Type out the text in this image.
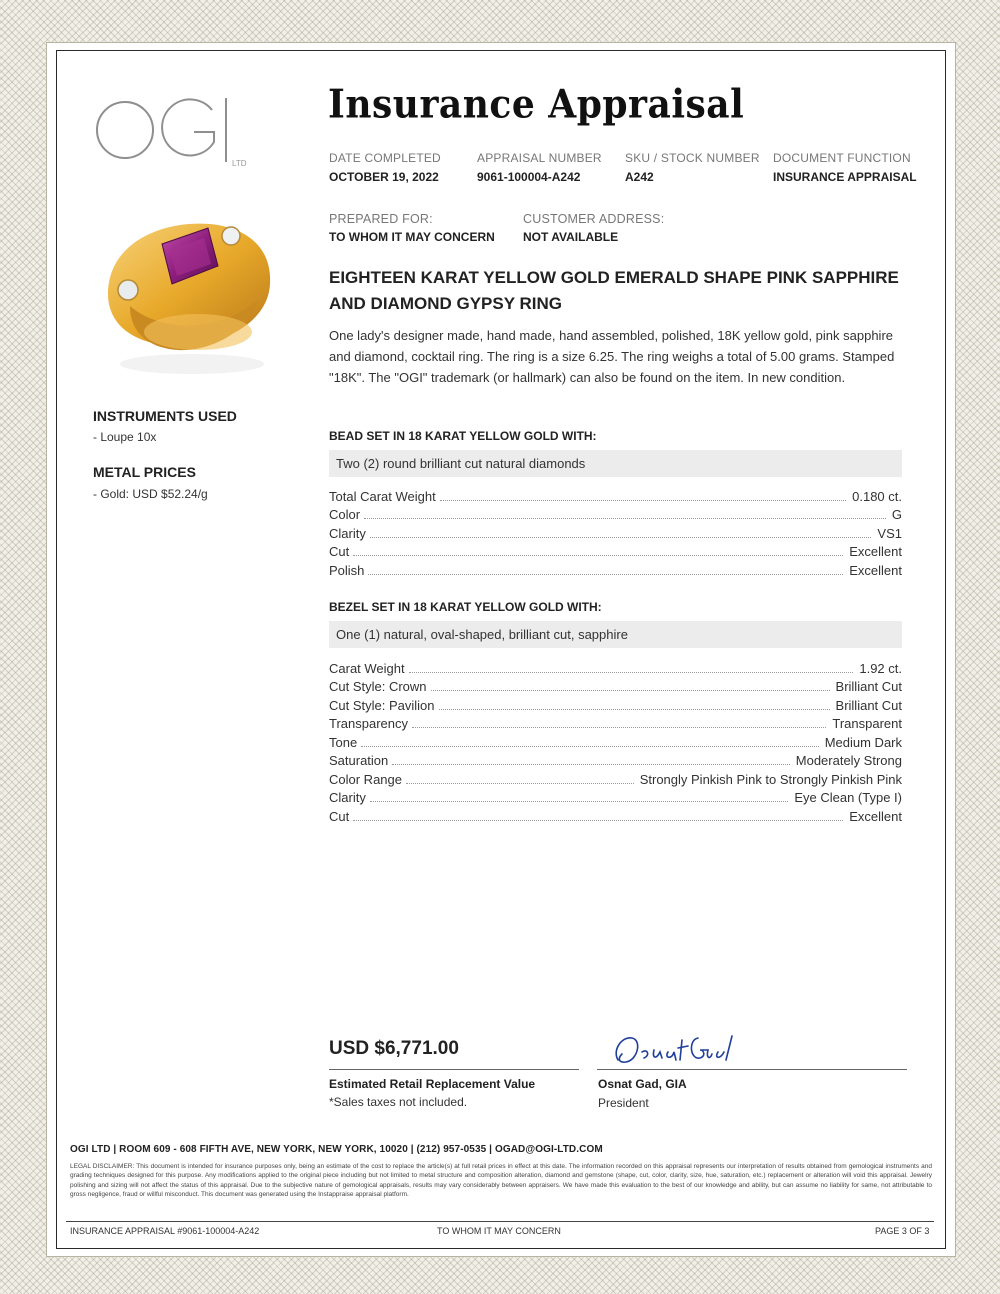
LTD
Insurance Appraisal
DATE COMPLETED
OCTOBER 19, 2022
APPRAISAL NUMBER
9061-100004-A242
SKU / STOCK NUMBER
A242
DOCUMENT FUNCTION
INSURANCE APPRAISAL
PREPARED FOR:
TO WHOM IT MAY CONCERN
CUSTOMER ADDRESS:
NOT AVAILABLE
INSTRUMENTS USED
- Loupe 10x
METAL PRICES
- Gold: USD $52.24/g
EIGHTEEN KARAT YELLOW GOLD EMERALD SHAPE PINK SAPPHIRE AND DIAMOND GYPSY RING
One lady's designer made, hand made, hand assembled, polished, 18K yellow gold, pink sapphire and diamond, cocktail ring. The ring is a size 6.25. The ring weighs a total of 5.00 grams. Stamped "18K". The "OGI" trademark (or hallmark) can also be found on the item. In new condition.
BEAD SET IN 18 KARAT YELLOW GOLD WITH:
Two (2) round brilliant cut natural diamonds
Total Carat Weight	0.180 ct.
Color	G
Clarity	VS1
Cut	Excellent
Polish	Excellent
BEZEL SET IN 18 KARAT YELLOW GOLD WITH:
One (1) natural, oval-shaped, brilliant cut, sapphire
Carat Weight	1.92 ct.
Cut Style: Crown	Brilliant Cut
Cut Style: Pavilion	Brilliant Cut
Transparency	Transparent
Tone	Medium Dark
Saturation	Moderately Strong
Color Range	Strongly Pinkish Pink to Strongly Pinkish Pink
Clarity	Eye Clean (Type I)
Cut	Excellent
USD $6,771.00
Estimated Retail Replacement Value
*Sales taxes not included.
Osnat Gad, GIA
President
OGI LTD | ROOM 609 - 608 FIFTH AVE, NEW YORK, NEW YORK, 10020 | (212) 957-0535 | OGAD@OGI-LTD.COM
LEGAL DISCLAIMER: This document is intended for insurance purposes only, being an estimate of the cost to replace the article(s) at full retail prices in effect at this date. The information recorded on this appraisal represents our interpretation of results obtained from gemological instruments and grading techniques designed for this purpose. Any modifications applied to the original piece including but not limited to metal structure and composition alteration, diamond and gemstone (shape, cut, color, clarity, size, hue, saturation, etc.) replacement or alteration will void this appraisal. Jewelry polishing and sizing will not affect the status of this appraisal. Due to the subjective nature of gemological appraisals, results may vary considerably between appraisers. We have made this evaluation to the best of our knowledge and ability, but can assume no liability for same, not attributable to gross negligence, fraud or willful misconduct. This document was generated using the Instappraise appraisal platform.
INSURANCE APPRAISAL #9061-100004-A242	TO WHOM IT MAY CONCERN	PAGE 3 OF 3
